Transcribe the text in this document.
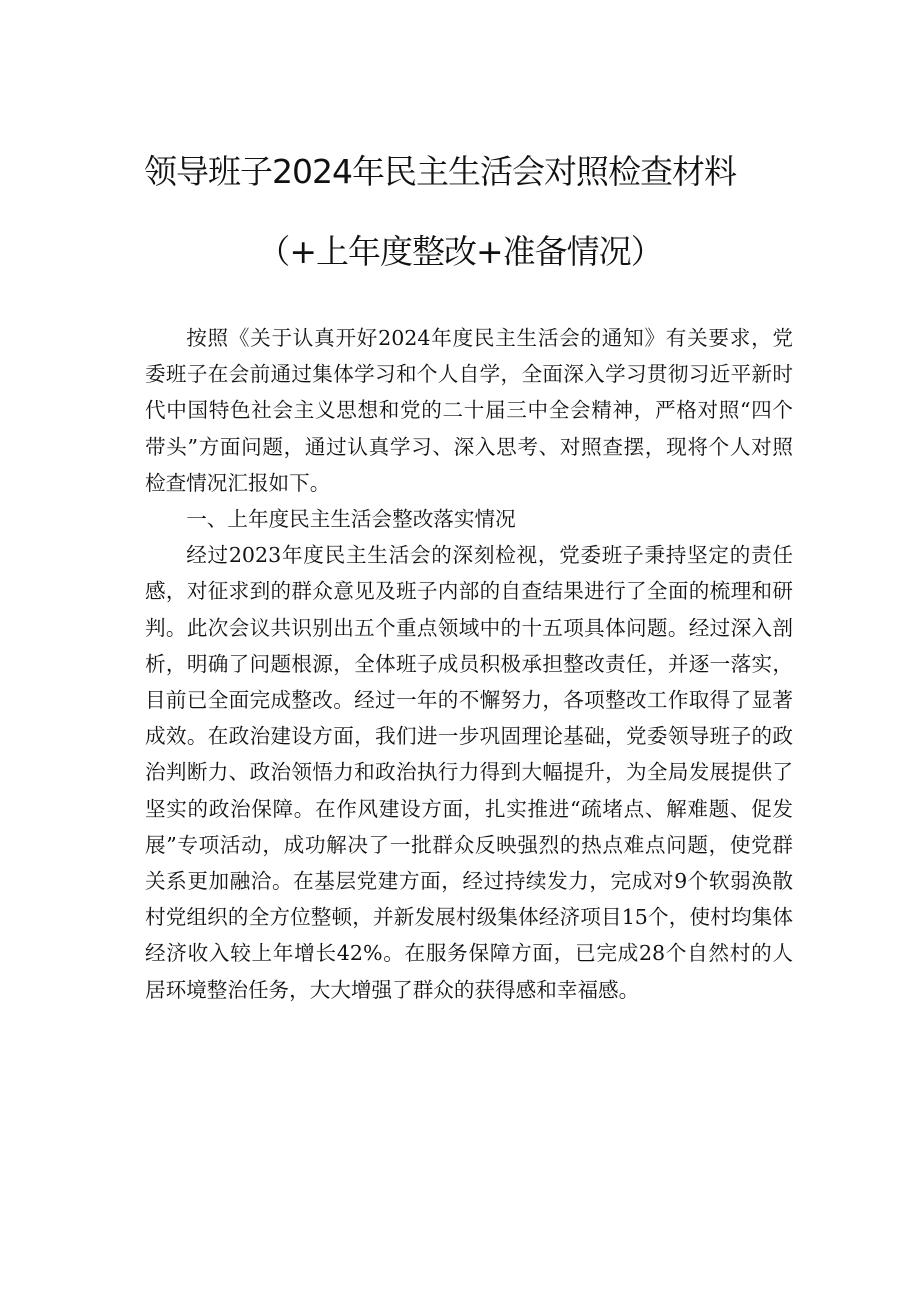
领导班子2024年民主生活会对照检查材料
（+上年度整改+准备情况）

按照《关于认真开好2024年度民主生活会的通知》有关要求，党委班子在会前通过集体学习和个人自学，全面深入学习贯彻习近平新时代中国特色社会主义思想和党的二十届三中全会精神，严格对照“四个带头”方面问题，通过认真学习、深入思考、对照查摆，现将个人对照检查情况汇报如下。

一、上年度民主生活会整改落实情况

经过2023年度民主生活会的深刻检视，党委班子秉持坚定的责任感，对征求到的群众意见及班子内部的自查结果进行了全面的梳理和研判。此次会议共识别出五个重点领域中的十五项具体问题。经过深入剖析，明确了问题根源，全体班子成员积极承担整改责任，并逐一落实，目前已全面完成整改。经过一年的不懈努力，各项整改工作取得了显著成效。在政治建设方面，我们进一步巩固理论基础，党委领导班子的政治判断力、政治领悟力和政治执行力得到大幅提升，为全局发展提供了坚实的政治保障。在作风建设方面，扎实推进“疏堵点、解难题、促发展”专项活动，成功解决了一批群众反映强烈的热点难点问题，使党群关系更加融洽。在基层党建方面，经过持续发力，完成对9个软弱涣散村党组织的全方位整顿，并新发展村级集体经济项目15个，使村均集体经济收入较上年增长42%。在服务保障方面，已完成28个自然村的人居环境整治任务，大大增强了群众的获得感和幸福感。
